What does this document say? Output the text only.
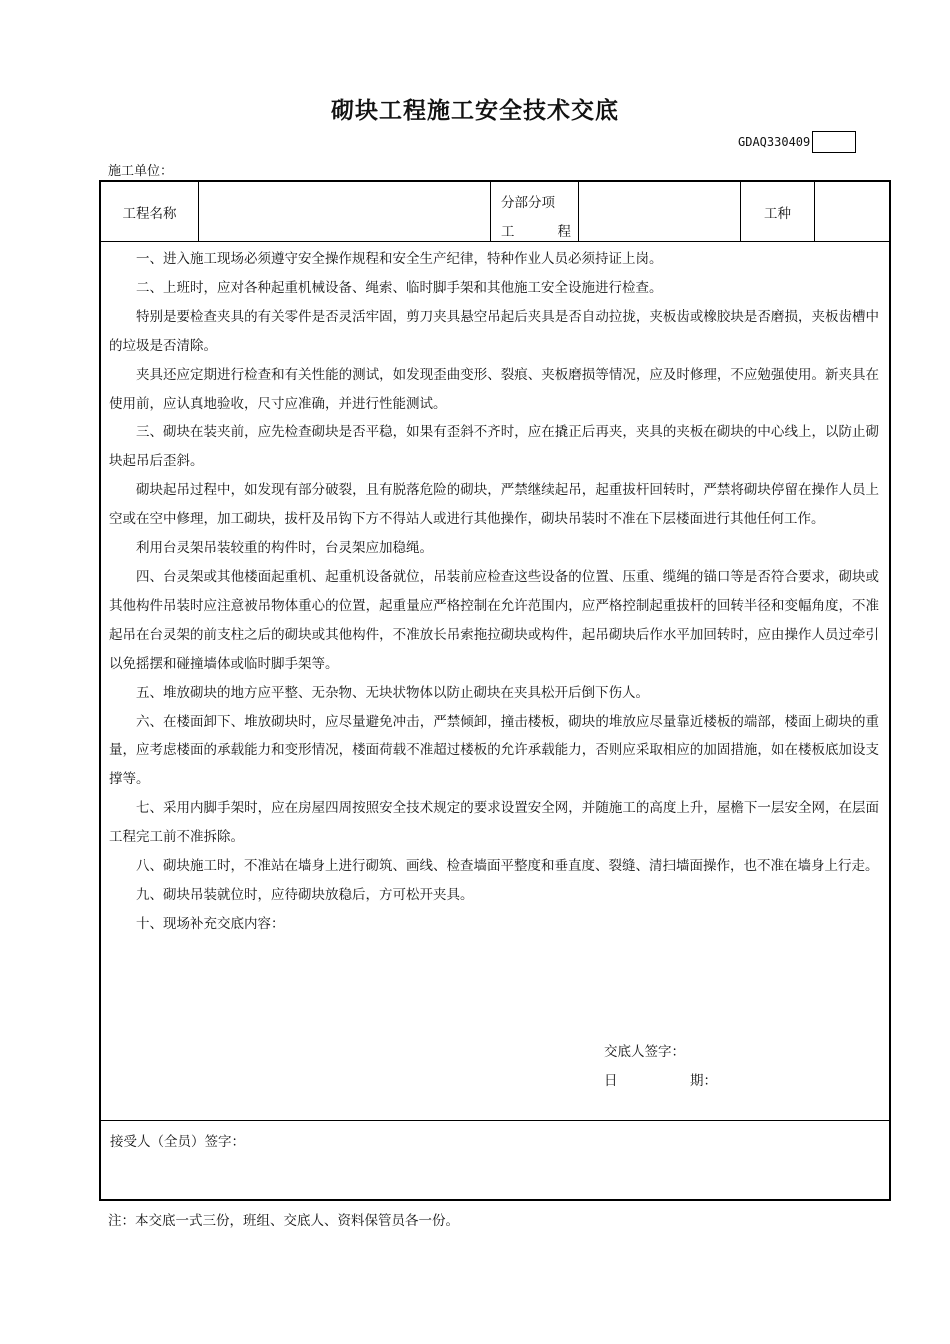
砌块工程施工安全技术交底
GDAQ330409
施工单位：
工程名称
分部分项
工	程
工种

一、进入施工现场必须遵守安全操作规程和安全生产纪律，特种作业人员必须持证上岗。

二、上班时，应对各种起重机械设备、绳索、临时脚手架和其他施工安全设施进行检查。

特别是要检查夹具的有关零件是否灵活牢固，剪刀夹具悬空吊起后夹具是否自动拉拢，夹板齿或橡胶块是否磨损，夹板齿槽中的垃圾是否清除。

夹具还应定期进行检查和有关性能的测试，如发现歪曲变形、裂痕、夹板磨损等情况，应及时修理，不应勉强使用。新夹具在使用前，应认真地验收，尺寸应准确，并进行性能测试。

三、砌块在装夹前，应先检查砌块是否平稳，如果有歪斜不齐时，应在撬正后再夹，夹具的夹板在砌块的中心线上，以防止砌块起吊后歪斜。

砌块起吊过程中，如发现有部分破裂，且有脱落危险的砌块，严禁继续起吊，起重拔杆回转时，严禁将砌块停留在操作人员上空或在空中修理，加工砌块，拔杆及吊钩下方不得站人或进行其他操作，砌块吊装时不准在下层楼面进行其他任何工作。

利用台灵架吊装较重的构件时，台灵架应加稳绳。

四、台灵架或其他楼面起重机、起重机设备就位，吊装前应检查这些设备的位置、压重、缆绳的锚口等是否符合要求，砌块或其他构件吊装时应注意被吊物体重心的位置，起重量应严格控制在允许范围内，应严格控制起重拔杆的回转半径和变幅角度，不准起吊在台灵架的前支柱之后的砌块或其他构件，不准放长吊索拖拉砌块或构件，起吊砌块后作水平加回转时，应由操作人员过牵引以免摇摆和碰撞墙体或临时脚手架等。

五、堆放砌块的地方应平整、无杂物、无块状物体以防止砌块在夹具松开后倒下伤人。

六、在楼面卸下、堆放砌块时，应尽量避免冲击，严禁倾卸，撞击楼板，砌块的堆放应尽量靠近楼板的端部，楼面上砌块的重量，应考虑楼面的承载能力和变形情况，楼面荷载不准超过楼板的允许承载能力，否则应采取相应的加固措施，如在楼板底加设支撑等。

七、采用内脚手架时，应在房屋四周按照安全技术规定的要求设置安全网，并随施工的高度上升，屋檐下一层安全网，在层面工程完工前不准拆除。

八、砌块施工时，不准站在墙身上进行砌筑、画线、检查墙面平整度和垂直度、裂缝、清扫墙面操作，也不准在墙身上行走。

九、砌块吊装就位时，应待砌块放稳后，方可松开夹具。

十、现场补充交底内容：

交底人签字：
日	期：
接受人（全员）签字：
注：本交底一式三份，班组、交底人、资料保管员各一份。
